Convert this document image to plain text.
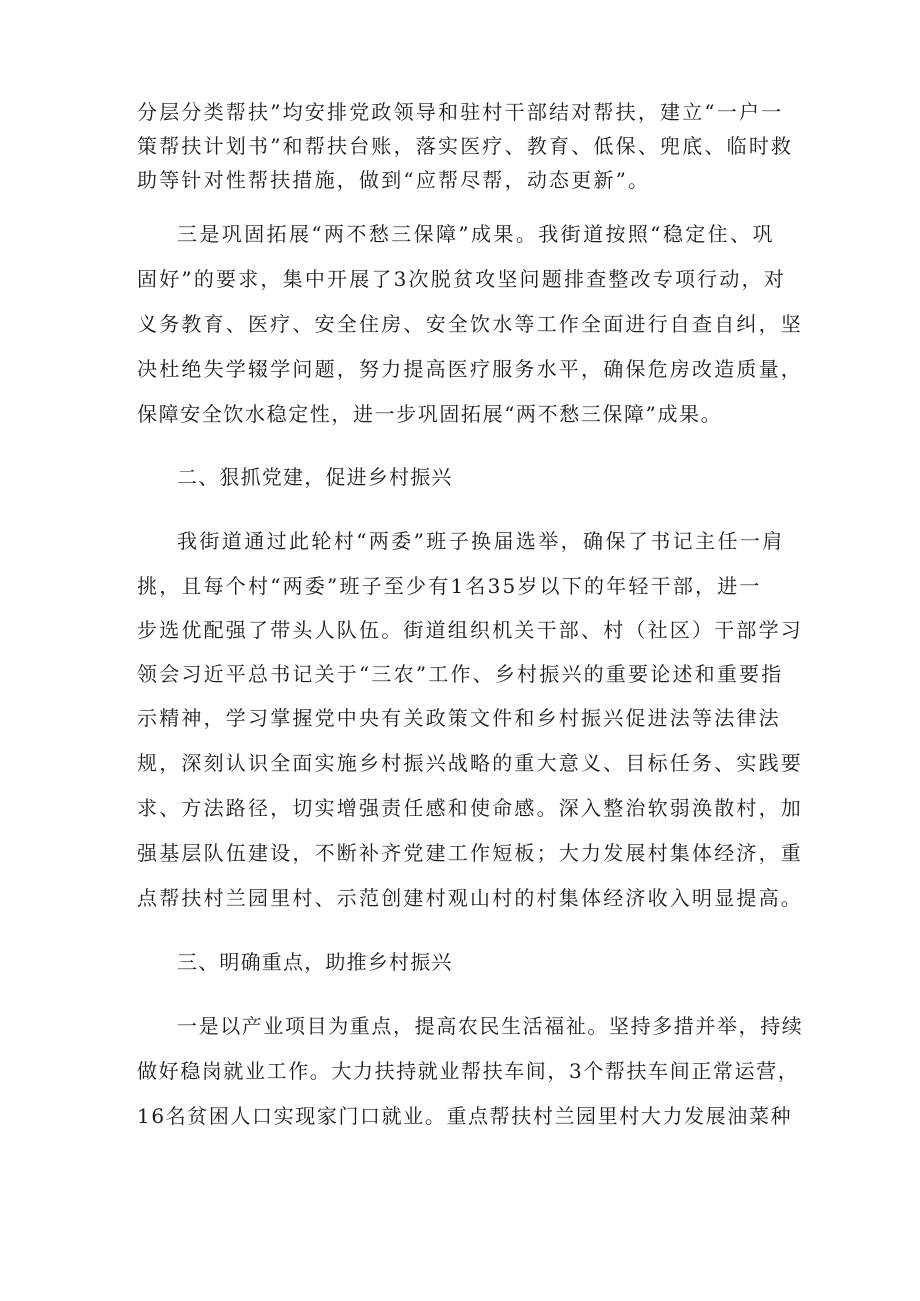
分层分类帮扶”均安排党政领导和驻村干部结对帮扶，建立“一户一
策帮扶计划书”和帮扶台账，落实医疗、教育、低保、兜底、临时救
助等针对性帮扶措施，做到“应帮尽帮，动态更新”。
三是巩固拓展“两不愁三保障”成果。我街道按照“稳定住、巩
固好”的要求，集中开展了3次脱贫攻坚问题排查整改专项行动，对
义务教育、医疗、安全住房、安全饮水等工作全面进行自查自纠，坚
决杜绝失学辍学问题，努力提高医疗服务水平，确保危房改造质量，
保障安全饮水稳定性，进一步巩固拓展“两不愁三保障”成果。
二、狠抓党建，促进乡村振兴
我街道通过此轮村“两委”班子换届选举，确保了书记主任一肩
挑，且每个村“两委”班子至少有1名35岁以下的年轻干部，进一
步选优配强了带头人队伍。街道组织机关干部、村（社区）干部学习
领会习近平总书记关于“三农”工作、乡村振兴的重要论述和重要指
示精神，学习掌握党中央有关政策文件和乡村振兴促进法等法律法
规，深刻认识全面实施乡村振兴战略的重大意义、目标任务、实践要
求、方法路径，切实增强责任感和使命感。深入整治软弱涣散村，加
强基层队伍建设，不断补齐党建工作短板；大力发展村集体经济，重
点帮扶村兰园里村、示范创建村观山村的村集体经济收入明显提高。
三、明确重点，助推乡村振兴
一是以产业项目为重点，提高农民生活福祉。坚持多措并举，持续
做好稳岗就业工作。大力扶持就业帮扶车间，3个帮扶车间正常运营，
16名贫困人口实现家门口就业。重点帮扶村兰园里村大力发展油菜种
